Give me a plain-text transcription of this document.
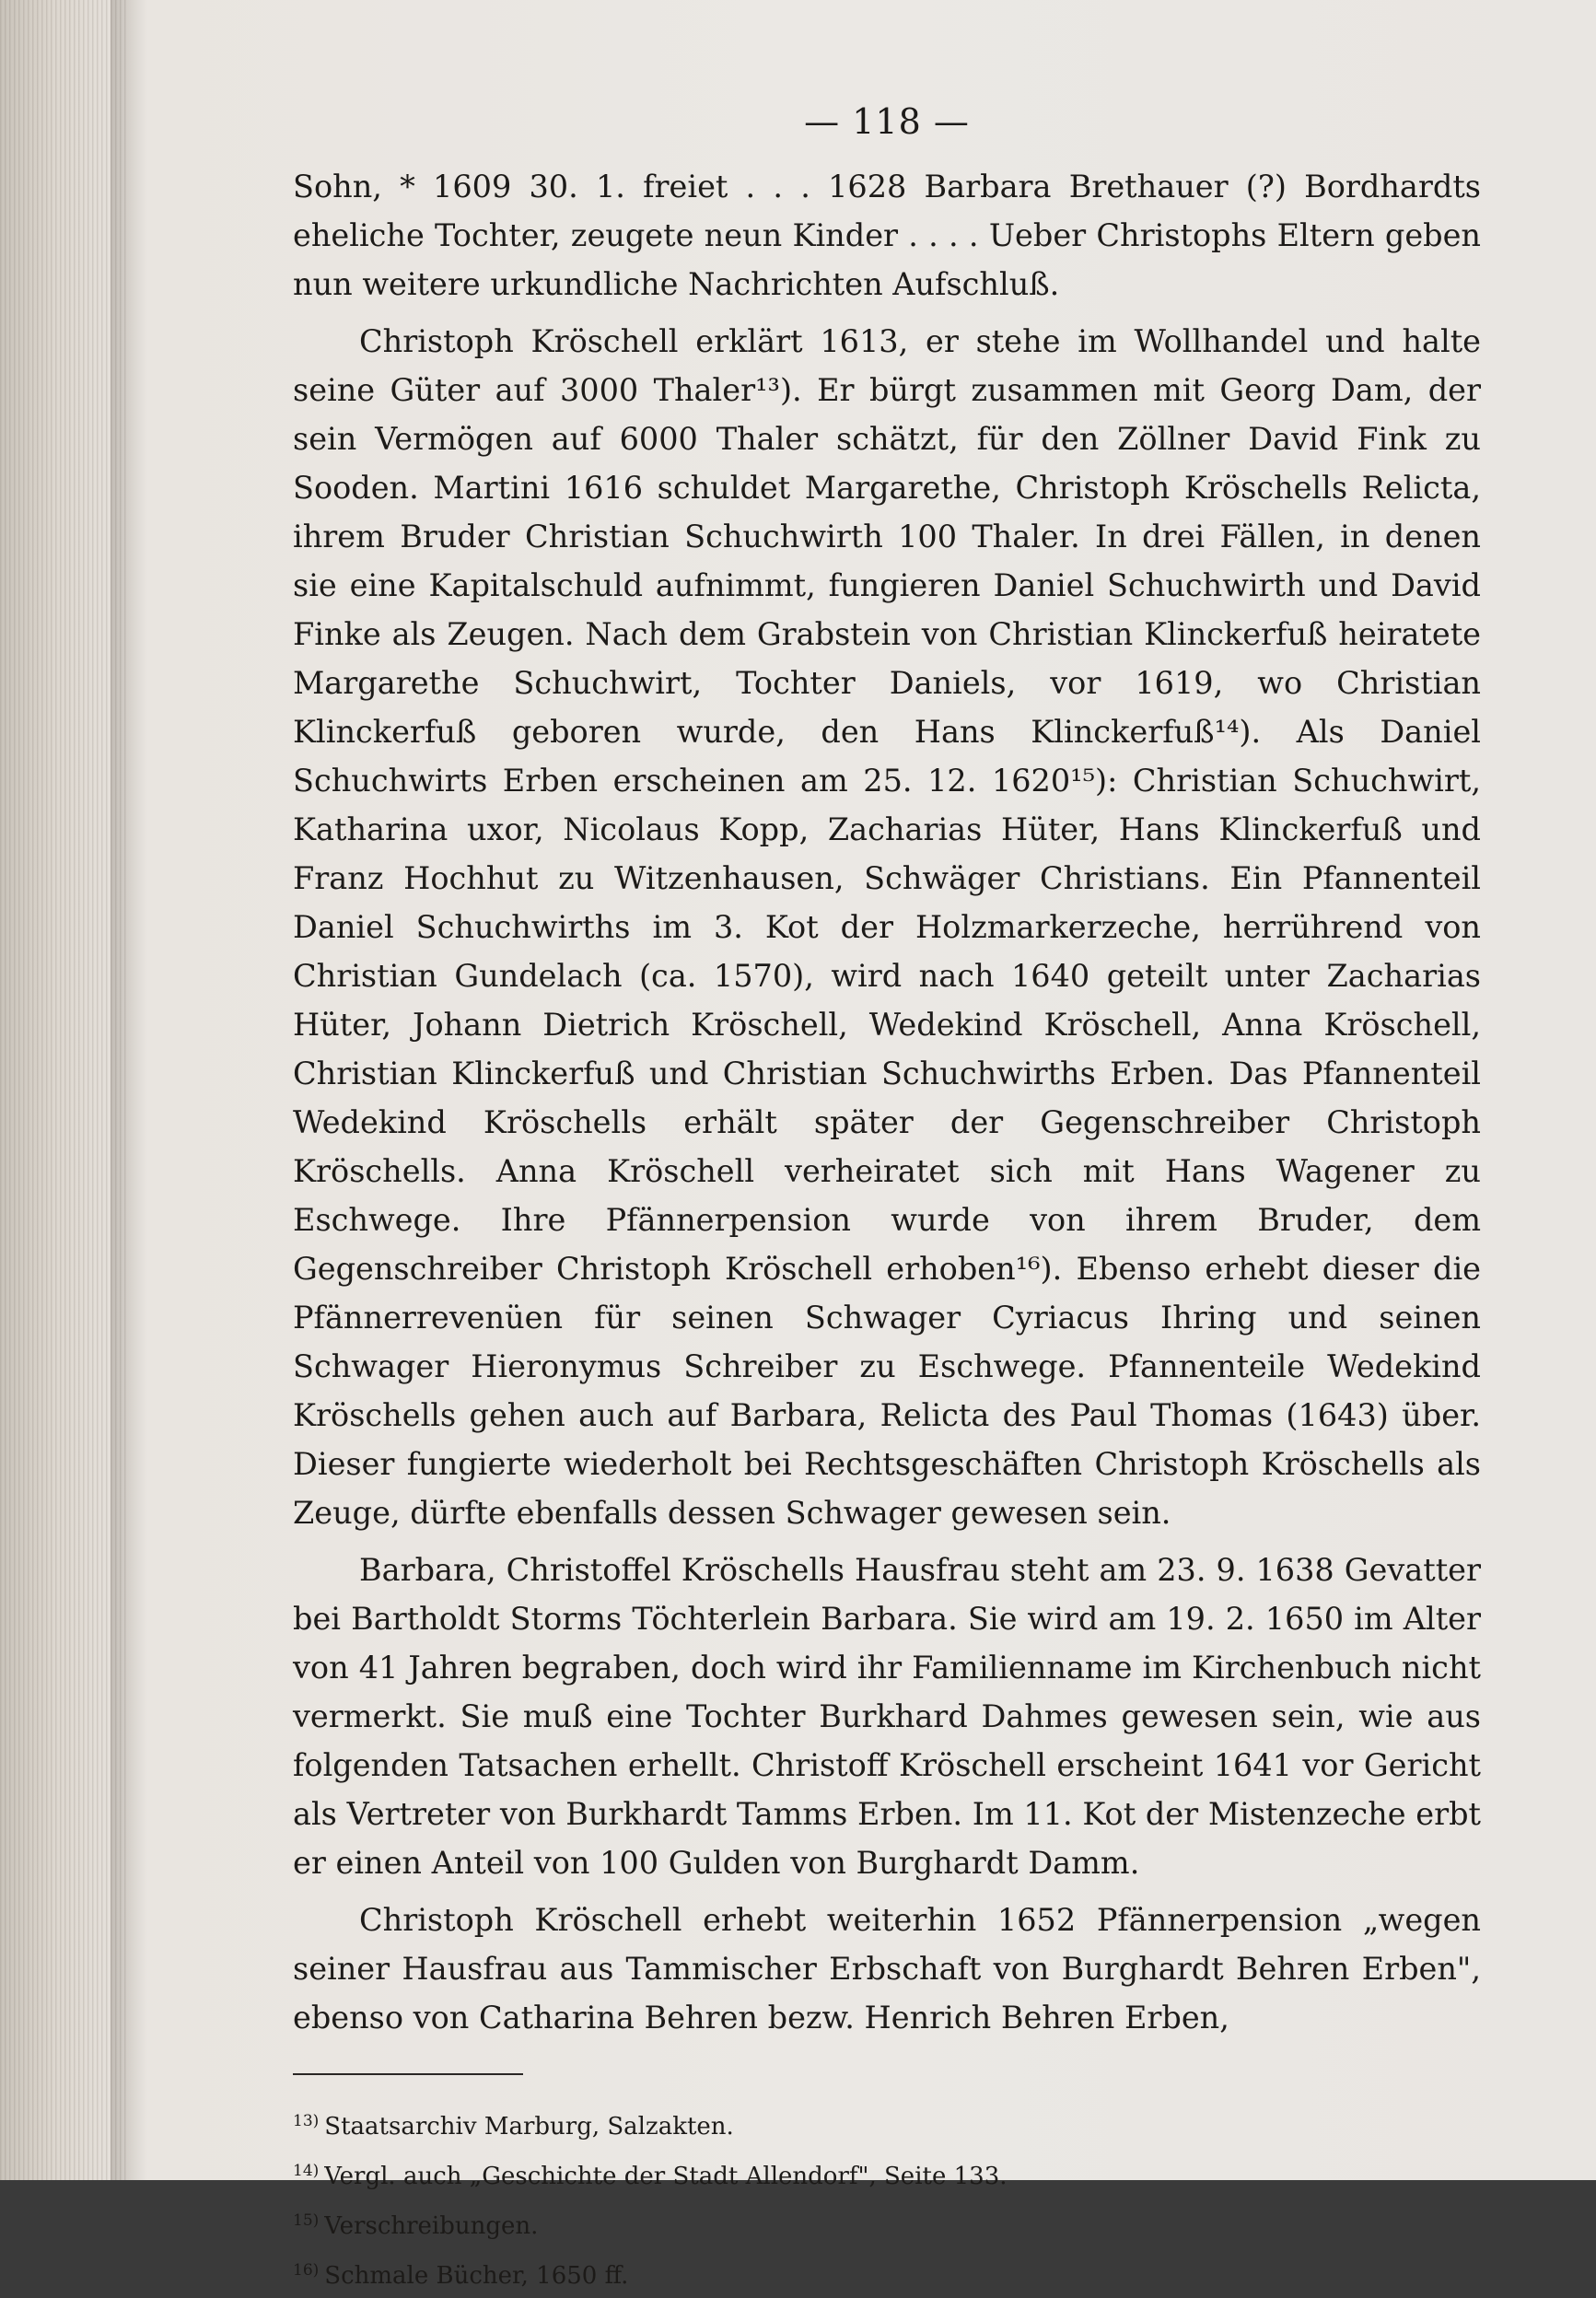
— 118 —

Sohn, * 1609 30. 1. freiet . . . 1628 Barbara Brethauer (?) Bordhardts eheliche Tochter, zeugete neun Kinder . . . . Ueber Christophs Eltern geben nun weitere urkundliche Nachrichten Aufschluß.

Christoph Kröschell erklärt 1613, er stehe im Wollhandel und halte seine Güter auf 3000 Thaler¹³). Er bürgt zusammen mit Georg Dam, der sein Vermögen auf 6000 Thaler schätzt, für den Zöllner David Fink zu Sooden. Martini 1616 schuldet Margarethe, Christoph Kröschells Relicta, ihrem Bruder Christian Schuchwirth 100 Thaler. In drei Fällen, in denen sie eine Kapitalschuld aufnimmt, fungieren Daniel Schuchwirth und David Finke als Zeugen. Nach dem Grabstein von Christian Klinckerfuß heiratete Margarethe Schuchwirt, Tochter Daniels, vor 1619, wo Christian Klinckerfuß geboren wurde, den Hans Klinckerfuß¹⁴). Als Daniel Schuchwirts Erben erscheinen am 25. 12. 1620¹⁵): Christian Schuchwirt, Katharina uxor, Nicolaus Kopp, Zacharias Hüter, Hans Klinckerfuß und Franz Hochhut zu Witzenhausen, Schwäger Christians. Ein Pfannenteil Daniel Schuchwirths im 3. Kot der Holzmarkerzeche, herrührend von Christian Gundelach (ca. 1570), wird nach 1640 geteilt unter Zacharias Hüter, Johann Dietrich Kröschell, Wedekind Kröschell, Anna Kröschell, Christian Klinckerfuß und Christian Schuchwirths Erben. Das Pfannenteil Wedekind Kröschells erhält später der Gegenschreiber Christoph Kröschells. Anna Kröschell verheiratet sich mit Hans Wagener zu Eschwege. Ihre Pfännerpension wurde von ihrem Bruder, dem Gegenschreiber Christoph Kröschell erhoben¹⁶). Ebenso erhebt dieser die Pfännerrevenüen für seinen Schwager Cyriacus Ihring und seinen Schwager Hieronymus Schreiber zu Eschwege. Pfannenteile Wedekind Kröschells gehen auch auf Barbara, Relicta des Paul Thomas (1643) über. Dieser fungierte wiederholt bei Rechtsgeschäften Christoph Kröschells als Zeuge, dürfte ebenfalls dessen Schwager gewesen sein.

Barbara, Christoffel Kröschells Hausfrau steht am 23. 9. 1638 Gevatter bei Bartholdt Storms Töchterlein Barbara. Sie wird am 19. 2. 1650 im Alter von 41 Jahren begraben, doch wird ihr Familienname im Kirchenbuch nicht vermerkt. Sie muß eine Tochter Burkhard Dahmes gewesen sein, wie aus folgenden Tatsachen erhellt. Christoff Kröschell erscheint 1641 vor Gericht als Vertreter von Burkhardt Tamms Erben. Im 11. Kot der Mistenzeche erbt er einen Anteil von 100 Gulden von Burghardt Damm.

Christoph Kröschell erhebt weiterhin 1652 Pfännerpension „wegen seiner Hausfrau aus Tammischer Erbschaft von Burghardt Behren Erben", ebenso von Catharina Behren bezw. Henrich Behren Erben,

$^{13)}$ Staatsarchiv Marburg, Salzakten.

$^{14)}$ Vergl. auch „Geschichte der Stadt Allendorf", Seite 133.

$^{15)}$ Verschreibungen.

$^{16)}$ Schmale Bücher, 1650 ff.
